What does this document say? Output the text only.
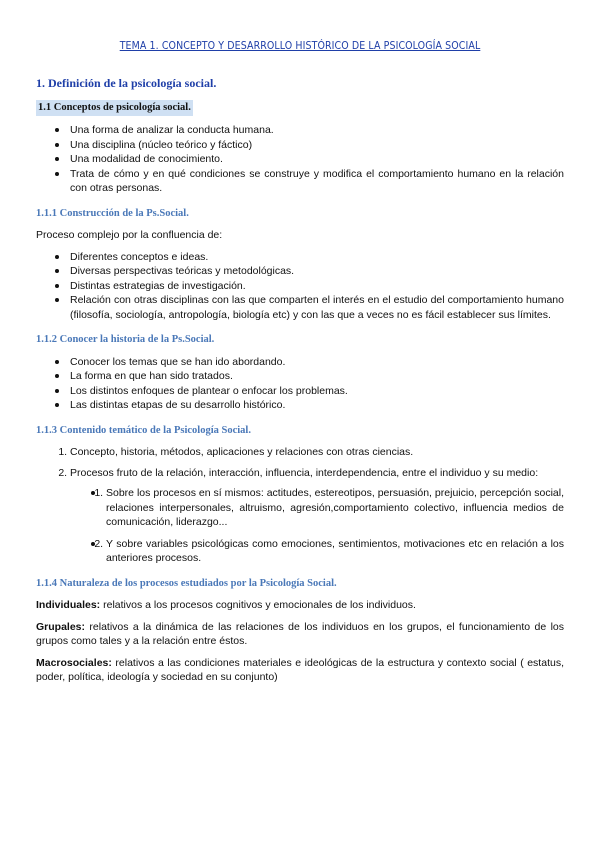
TEMA 1. CONCEPTO Y DESARROLLO HISTÓRICO DE LA PSICOLOGÍA SOCIAL
1. Definición de la psicología social.
1.1 Conceptos de psicología social.
Una forma de analizar la conducta humana.
Una disciplina (núcleo teórico y fáctico)
Una modalidad de conocimiento.
Trata de cómo y en qué condiciones se construye y modifica el comportamiento humano en la relación con otras personas.
1.1.1 Construcción de la Ps.Social.

Proceso complejo por la confluencia de:

Diferentes conceptos e ideas.
Diversas perspectivas teóricas y metodológicas.
Distintas estrategias de investigación.
Relación con otras disciplinas con las que comparten el interés en el estudio del comportamiento humano (filosofía, sociología, antropología, biología etc) y con las que a veces no es fácil establecer sus límites.
1.1.2 Conocer la historia de la Ps.Social.
Conocer los temas que se han ido abordando.
La forma en que han sido tratados.
Los distintos enfoques de plantear o enfocar los problemas.
Las distintas etapas de su desarrollo histórico.
1.1.3 Contenido temático de la Psicología Social.
1. Concepto, historia, métodos, aplicaciones y relaciones con otras ciencias.
2. Procesos fruto de la relación, interacción, influencia, interdependencia, entre el individuo y su medio:
1. Sobre los procesos en sí mismos: actitudes, estereotipos, persuasión, prejuicio, percepción social, relaciones interpersonales, altruismo, agresión,comportamiento colectivo, influencia medios de comunicación, liderazgo...
2. Y sobre variables psicológicas como emociones, sentimientos, motivaciones etc en relación a los anteriores procesos.
1.1.4 Naturaleza de los procesos estudiados por la Psicología Social.

Individuales: relativos a los procesos cognitivos y emocionales de los individuos.

Grupales: relativos a la dinámica de las relaciones de los individuos en los grupos, el funcionamiento de los grupos como tales y a la relación entre éstos.

Macrosociales: relativos a las condiciones materiales e ideológicas de la estructura y contexto social ( estatus, poder, política, ideología y sociedad en su conjunto)
